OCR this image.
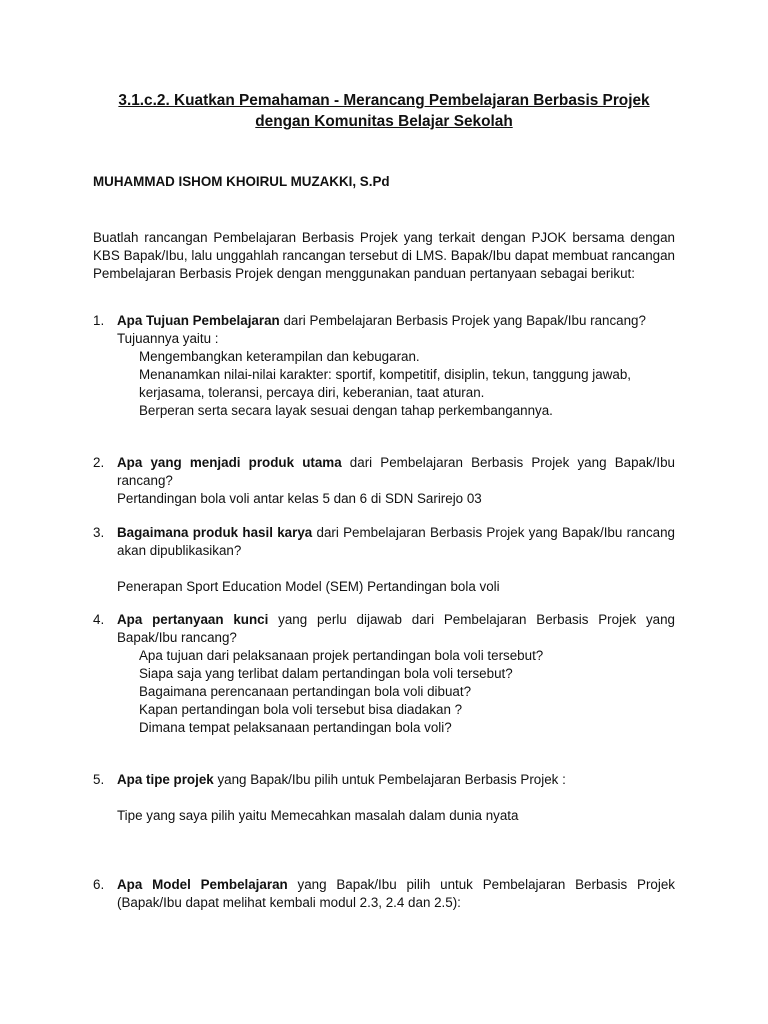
3.1.c.2. Kuatkan Pemahaman - Merancang Pembelajaran Berbasis Projek
dengan Komunitas Belajar Sekolah
MUHAMMAD ISHOM KHOIRUL MUZAKKI, S.Pd
Buatlah rancangan Pembelajaran Berbasis Projek yang terkait dengan PJOK bersama dengan KBS Bapak/Ibu, lalu unggahlah rancangan tersebut di LMS. Bapak/Ibu dapat membuat rancangan Pembelajaran Berbasis Projek dengan menggunakan panduan pertanyaan sebagai berikut:
1. Apa Tujuan Pembelajaran dari Pembelajaran Berbasis Projek yang Bapak/Ibu rancang?
Tujuannya yaitu :
Mengembangkan keterampilan dan kebugaran.
Menanamkan nilai-nilai karakter: sportif, kompetitif, disiplin, tekun, tanggung jawab,
kerjasama, toleransi, percaya diri, keberanian, taat aturan.
Berperan serta secara layak sesuai dengan tahap perkembangannya.
2. Apa yang menjadi produk utama dari Pembelajaran Berbasis Projek yang Bapak/Ibu rancang?
Pertandingan bola voli antar kelas 5 dan 6 di SDN Sarirejo 03
3. Bagaimana produk hasil karya dari Pembelajaran Berbasis Projek yang Bapak/Ibu rancang akan dipublikasikan?
Penerapan Sport Education Model (SEM) Pertandingan bola voli
4. Apa pertanyaan kunci yang perlu dijawab dari Pembelajaran Berbasis Projek yang Bapak/Ibu rancang?
Apa tujuan dari pelaksanaan projek pertandingan bola voli tersebut?
Siapa saja yang terlibat dalam pertandingan bola voli tersebut?
Bagaimana perencanaan pertandingan bola voli dibuat?
Kapan pertandingan bola voli tersebut bisa diadakan ?
Dimana tempat pelaksanaan pertandingan bola voli?
5. Apa tipe projek yang Bapak/Ibu pilih untuk Pembelajaran Berbasis Projek :
Tipe yang saya pilih yaitu Memecahkan masalah dalam dunia nyata
6. Apa Model Pembelajaran yang Bapak/Ibu pilih untuk Pembelajaran Berbasis Projek (Bapak/Ibu dapat melihat kembali modul 2.3, 2.4 dan 2.5):
